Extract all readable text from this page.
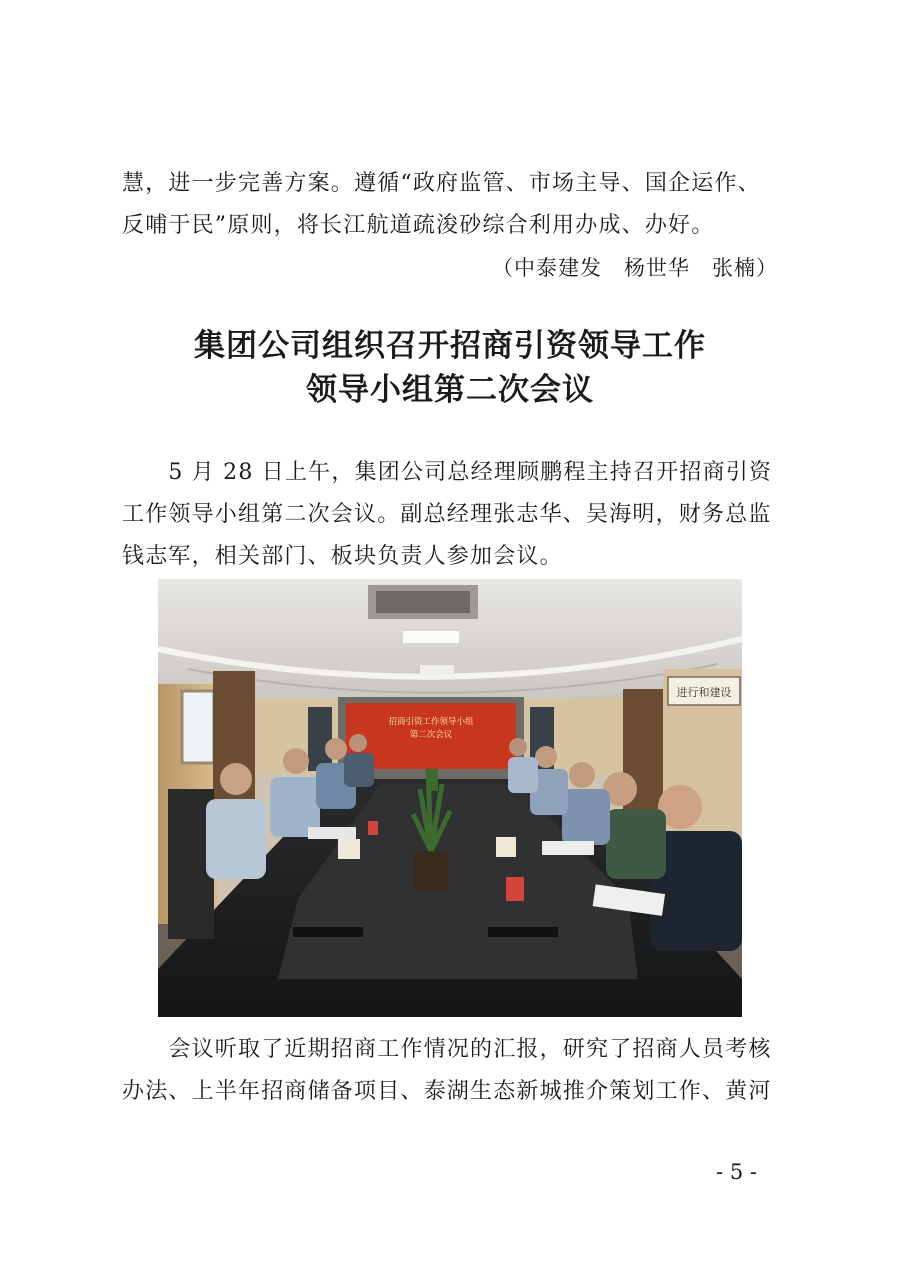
慧，进一步完善方案。遵循“政府监管、市场主导、国企运作、
反哺于民”原则，将长江航道疏浚砂综合利用办成、办好。
（中泰建发　杨世华　张楠）
集团公司组织召开招商引资领导工作
领导小组第二次会议
　　5 月 28 日上午，集团公司总经理顾鹏程主持召开招商引资
工作领导小组第二次会议。副总经理张志华、吴海明，财务总监
钱志军，相关部门、板块负责人参加会议。
进行和建设
招商引资工作领导小组
第二次会议
　　会议听取了近期招商工作情况的汇报，研究了招商人员考核
办法、上半年招商储备项目、泰湖生态新城推介策划工作、黄河
- 5 -
